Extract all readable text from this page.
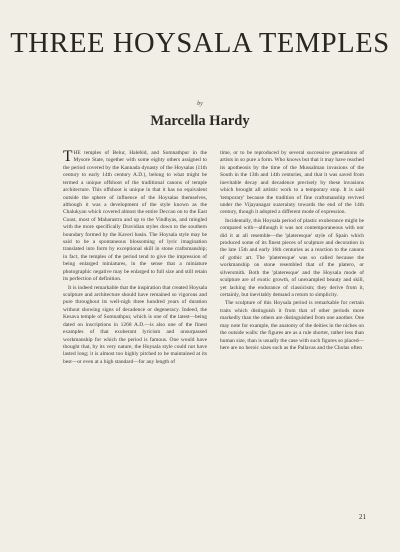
THREE HOYSALA TEMPLES
by
Marcella Hardy

THE temples of Belur, Halebid, and Somnathpur in the Mysore State, together with some eighty others assigned to the period covered by the Kannada dynasty of the Hoysalas (11th century to early 14th century A.D.), belong to what might be termed a unique offshoot of the traditional canons of temple architecture. This offshoot is unique in that it has no equivalent outside the sphere of influence of the Hoysalas themselves, although it was a development of the style known as the Chalukyan which covered almost the entire Deccan on to the East Coast, most of Maharastra and up to the Vindhyas, and mingled with the more specifically Dravidian styles down to the southern boundary formed by the Kaveri basin. The Hoysala style may be said to be a spontaneous blossoming of lyric imagination translated into form by exceptional skill in stone craftsmanship; in fact, the temples of the period tend to give the impression of being enlarged miniatures, in the sense that a miniature photographic negative may be enlarged to full size and still retain its perfection of definition.

It is indeed remarkable that the inspiration that created Hoysala sculpture and architecture should have remained so vigorous and pure throughout its well-nigh three hundred years of duration without showing signs of decadence or degeneracy. Indeed, the Kesava temple of Somnathpur, which is one of the latest—being dated on inscriptions in 1268 A.D.—is also one of the finest examples of that exuberant lyricism and unsurpassed workmanship for which the period is famous. One would have thought that, by its very nature, the Hoysala style could not have lasted long; it is almost too highly pitched to be maintained at its best—or even at a high standard—for any length of

time, or to be reproduced by several successive generations of artists in so pure a form. Who knows but that it may have reached its apotheosis by the time of the Mussalman invasions of the South in the 13th and 14th centuries, and that it was saved from inevitable decay and decadence precisely by these invasions which brought all artistic work to a temporary stop. It is said 'temporary' because the tradition of fine craftsmanship revived under the Vijayanagar suzerainty towards the end of the 14th century, though it adopted a different mode of expression.

Incidentally, this Hoysala period of plastic exuberance might be compared with—although it was not contemporaneous with nor did it at all resemble—the 'plateresque' style of Spain which produced some of its finest pieces of sculpture and decoration in the late 15th and early 16th centuries as a reaction to the canons of gothic art. The 'plateresque' was so called because the workmanship on stone resembled that of the platero, or silversmith. Both the 'plateresque' and the Hoysala mode of sculpture are of exotic growth, of unexampled beauty and skill, yet lacking the endurance of classicism; they derive from it, certainly, but inevitably demand a return to simplicity.

The sculpture of this Hoysala period is remarkable for certain traits which distinguish it from that of other periods more markedly than the others are distinguished from one another. One may note for example, the anatomy of the deities in the niches on the outside walls: the figures are as a rule shorter, rather less than human size, than is usually the case with such figures so placed—here are no heroic sizes such as the Pallavas and the Cholas often

21
